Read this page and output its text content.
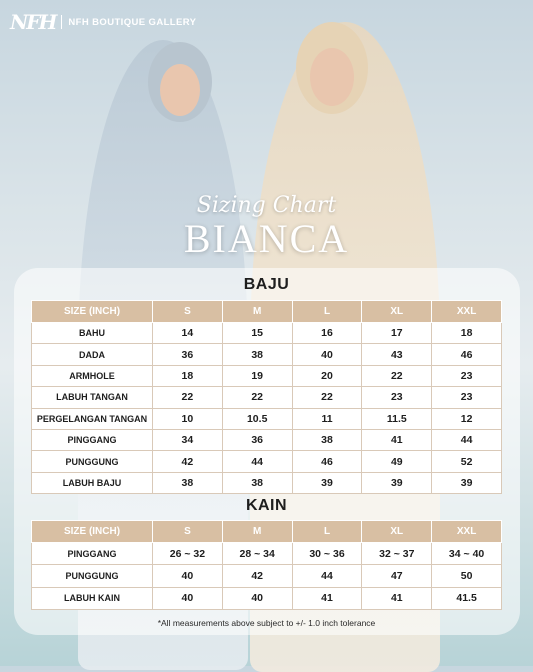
NFH NFH BOUTIQUE GALLERY
Sizing Chart
BIANCA
BAJU
SIZE (INCH)	S	M	L	XL	XXL
BAHU	14	15	16	17	18
DADA	36	38	40	43	46
ARMHOLE	18	19	20	22	23
LABUH TANGAN	22	22	22	23	23
PERGELANGAN TANGAN	10	10.5	11	11.5	12
PINGGANG	34	36	38	41	44
PUNGGUNG	42	44	46	49	52
LABUH BAJU	38	38	39	39	39
KAIN
SIZE (INCH)	S	M	L	XL	XXL
PINGGANG	26 ~ 32	28 ~ 34	30 ~ 36	32 ~ 37	34 ~ 40
PUNGGUNG	40	42	44	47	50
LABUH KAIN	40	40	41	41	41.5
*All measurements above subject to +/- 1.0 inch tolerance
